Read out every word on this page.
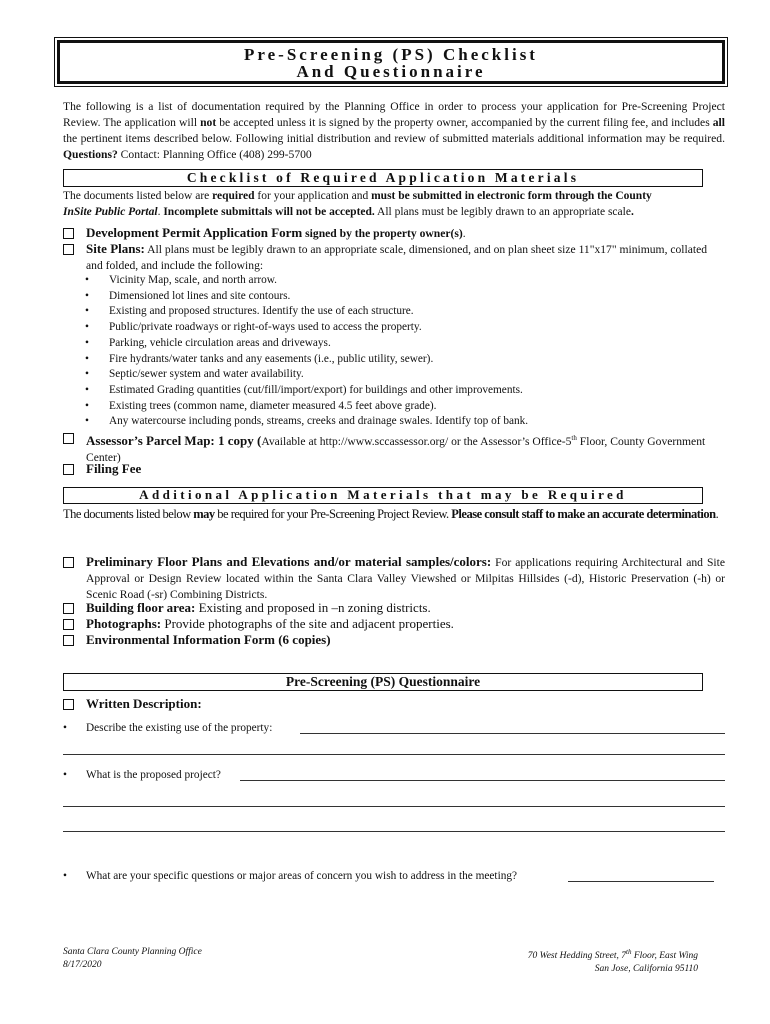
Pre-Screening (PS) Checklist
And Questionnaire
The following is a list of documentation required by the Planning Office in order to process your application for Pre-Screening Project Review. The application will not be accepted unless it is signed by the property owner, accompanied by the current filing fee, and includes all the pertinent items described below. Following initial distribution and review of submitted materials additional information may be required. Questions? Contact: Planning Office (408) 299-5700
Checklist of Required Application Materials
The documents listed below are required for your application and must be submitted in electronic form through the County
InSite Public Portal. Incomplete submittals will not be accepted. All plans must be legibly drawn to an appropriate scale.
Development Permit Application Form signed by the property owner(s).
Site Plans: All plans must be legibly drawn to an appropriate scale, dimensioned, and on plan sheet size 11"x17" minimum, collated and folded, and include the following:
• Vicinity Map, scale, and north arrow.
• Dimensioned lot lines and site contours.
• Existing and proposed structures. Identify the use of each structure.
• Public/private roadways or right-of-ways used to access the property.
• Parking, vehicle circulation areas and driveways.
• Fire hydrants/water tanks and any easements (i.e., public utility, sewer).
• Septic/sewer system and water availability.
• Estimated Grading quantities (cut/fill/import/export) for buildings and other improvements.
• Existing trees (common name, diameter measured 4.5 feet above grade).
• Any watercourse including ponds, streams, creeks and drainage swales. Identify top of bank.
Assessor’s Parcel Map: 1 copy (Available at http://www.sccassessor.org/ or the Assessor’s Office-5th Floor, County Government Center)
Filing Fee
Additional Application Materials that may be Required
The documents listed below may be required for your Pre-Screening Project Review. Please consult staff to make an accurate determination.
Preliminary Floor Plans and Elevations and/or material samples/colors: For applications requiring Architectural and Site Approval or Design Review located within the Santa Clara Valley Viewshed or Milpitas Hillsides (-d), Historic Preservation (-h) or Scenic Road (-sr) Combining Districts.
Building floor area: Existing and proposed in –n zoning districts.
Photographs: Provide photographs of the site and adjacent properties.
Environmental Information Form (6 copies)
Pre-Screening (PS) Questionnaire
Written Description:
• Describe the existing use of the property:
• What is the proposed project?
• What are your specific questions or major areas of concern you wish to address in the meeting?
Santa Clara County Planning Office
8/17/2020
70 West Hedding Street, 7th Floor, East Wing
San Jose, California 95110
